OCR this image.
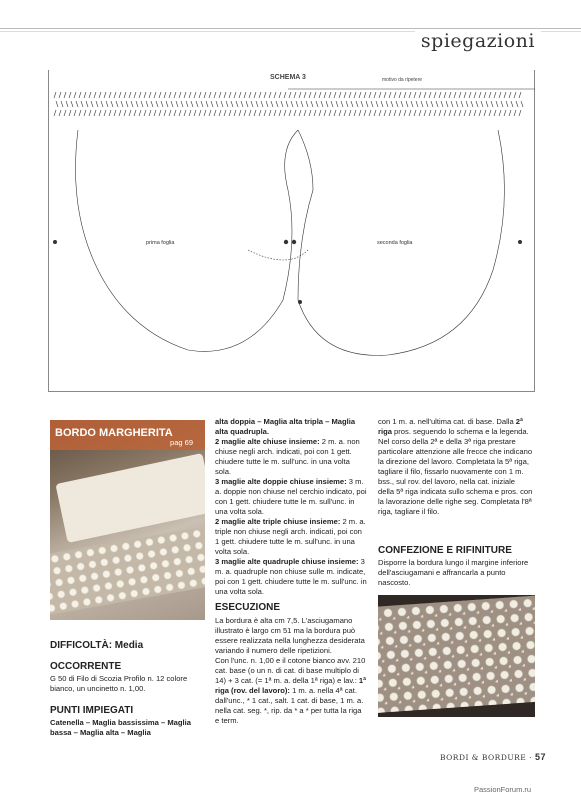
spiegazioni
SCHEMA 3	motivo da ripetere
prima foglia	seconda foglia
BORDO MARGHERITA
pag 69
DIFFICOLTÀ: Media
OCCORRENTE
G 50 di Filo di Scozia Profilo n. 12 colore bianco, un uncinetto n. 1,00.
PUNTI IMPIEGATI
Catenella – Maglia bassissima – Maglia bassa – Maglia alta – Maglia

alta doppia – Maglia alta tripla – Maglia alta quadrupla.

2 maglie alte chiuse insieme: 2 m. a. non chiuse negli arch. indicati, poi con 1 gett. chiudere tutte le m. sull'unc. in una volta sola.

3 maglie alte doppie chiuse insieme: 3 m. a. doppie non chiuse nel cerchio indicato, poi con 1 gett. chiudere tutte le m. sull'unc. in una volta sola.

2 maglie alte triple chiuse insieme: 2 m. a. triple non chiuse negli arch. indicati, poi con 1 gett. chiudere tutte le m. sull'unc. in una volta sola.

3 maglie alte quadruple chiuse insieme: 3 m. a. quadruple non chiuse sulle m. indicate, poi con 1 gett. chiudere tutte le m. sull'unc. in una volta sola.

ESECUZIONE

La bordura è alta cm 7,5. L'asciugamano illustrato è largo cm 51 ma la bordura può essere realizzata nella lunghezza desiderata variando il numero delle ripetizioni.

Con l'unc. n. 1,00 e il cotone bianco avv. 210 cat. base (o un n. di cat. di base multiplo di 14) + 3 cat. (= 1ª m. a. della 1ª riga) e lav.: 1ª riga (rov. del lavoro): 1 m. a. nella 4ª cat. dall'unc., * 1 cat., salt. 1 cat. di base, 1 m. a. nella cat. seg. *, rip. da * a * per tutta la riga e term.

con 1 m. a. nell'ultima cat. di base. Dalla 2ª riga pros. seguendo lo schema e la legenda. Nel corso della 2ª e della 3ª riga prestare particolare attenzione alle frecce che indicano la direzione del lavoro. Completata la 5ª riga, tagliare il filo, fissarlo nuovamente con 1 m. bss., sul rov. del lavoro, nella cat. iniziale della 5ª riga indicata sullo schema e pros. con la lavorazione delle righe seg. Completata l'8ª riga, tagliare il filo.

CONFEZIONE E RIFINITURE
Disporre la bordura lungo il margine inferiore dell'asciugamani e affrancarla a punto nascosto.
BORDI & BORDURE · 57
PassionForum.ru
